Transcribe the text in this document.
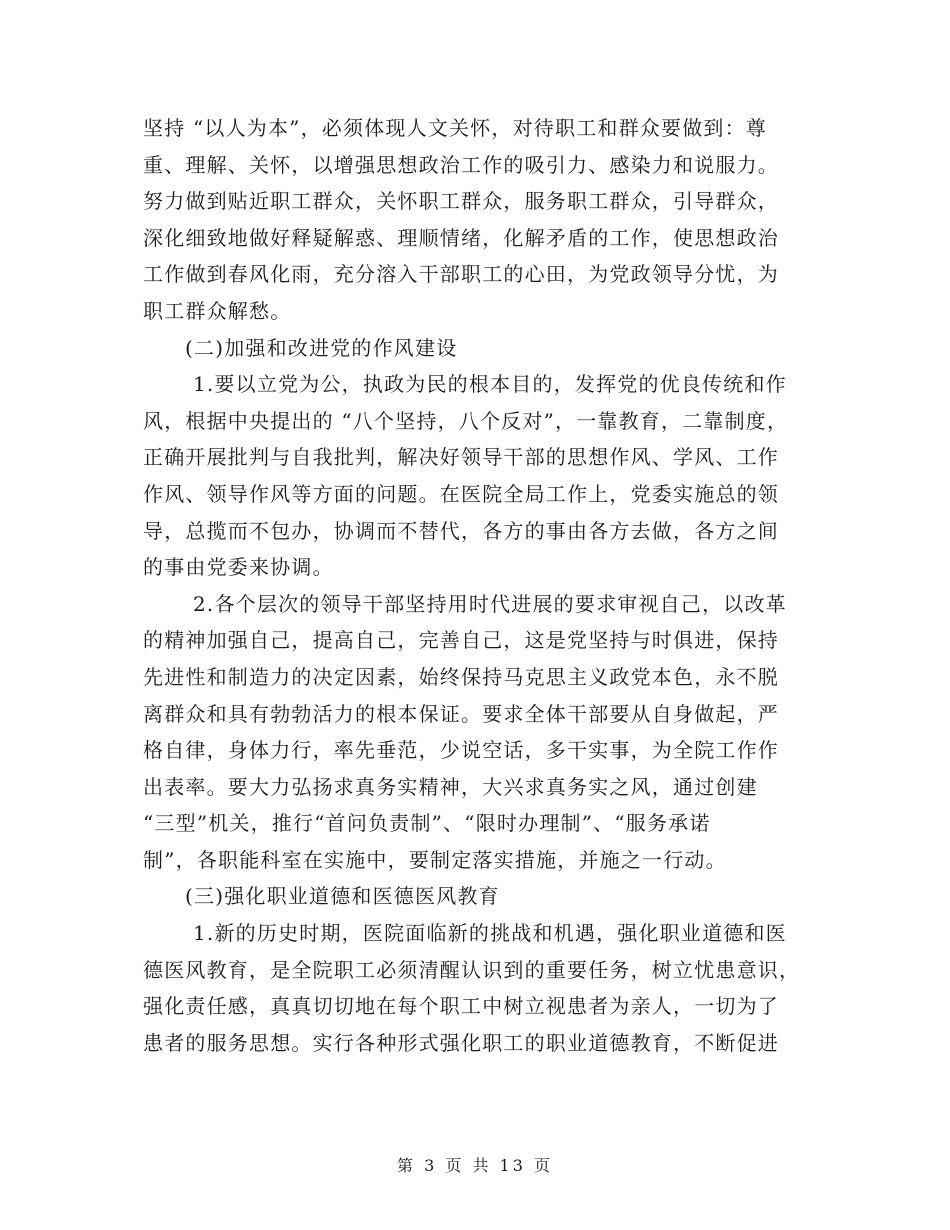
坚持 “以人为本”，必须体现人文关怀，对待职工和群众要做到：尊
重、理解、关怀，以增强思想政治工作的吸引力、感染力和说服力。
努力做到贴近职工群众，关怀职工群众，服务职工群众，引导群众，
深化细致地做好释疑解惑、理顺情绪，化解矛盾的工作，使思想政治
工作做到春风化雨，充分溶入干部职工的心田，为党政领导分忧，为
职工群众解愁。
(二)加强和改进党的作风建设
1.要以立党为公，执政为民的根本目的，发挥党的优良传统和作
风，根据中央提出的 “八个坚持，八个反对”，一靠教育，二靠制度，
正确开展批判与自我批判，解决好领导干部的思想作风、学风、工作
作风、领导作风等方面的问题。在医院全局工作上，党委实施总的领
导，总揽而不包办，协调而不替代，各方的事由各方去做，各方之间
的事由党委来协调。
2.各个层次的领导干部坚持用时代进展的要求审视自己，以改革
的精神加强自己，提高自己，完善自己，这是党坚持与时俱进，保持
先进性和制造力的决定因素，始终保持马克思主义政党本色，永不脱
离群众和具有勃勃活力的根本保证。要求全体干部要从自身做起，严
格自律，身体力行，率先垂范，少说空话，多干实事，为全院工作作
出表率。要大力弘扬求真务实精神，大兴求真务实之风，通过创建
“三型”机关，推行“首问负责制”、“限时办理制”、“服务承诺
制”，各职能科室在实施中，要制定落实措施，并施之一行动。
(三)强化职业道德和医德医风教育
1.新的历史时期，医院面临新的挑战和机遇，强化职业道德和医
德医风教育，是全院职工必须清醒认识到的重要任务，树立忧患意识，
强化责任感，真真切切地在每个职工中树立视患者为亲人，一切为了
患者的服务思想。实行各种形式强化职工的职业道德教育，不断促进
第 3 页 共 13 页
